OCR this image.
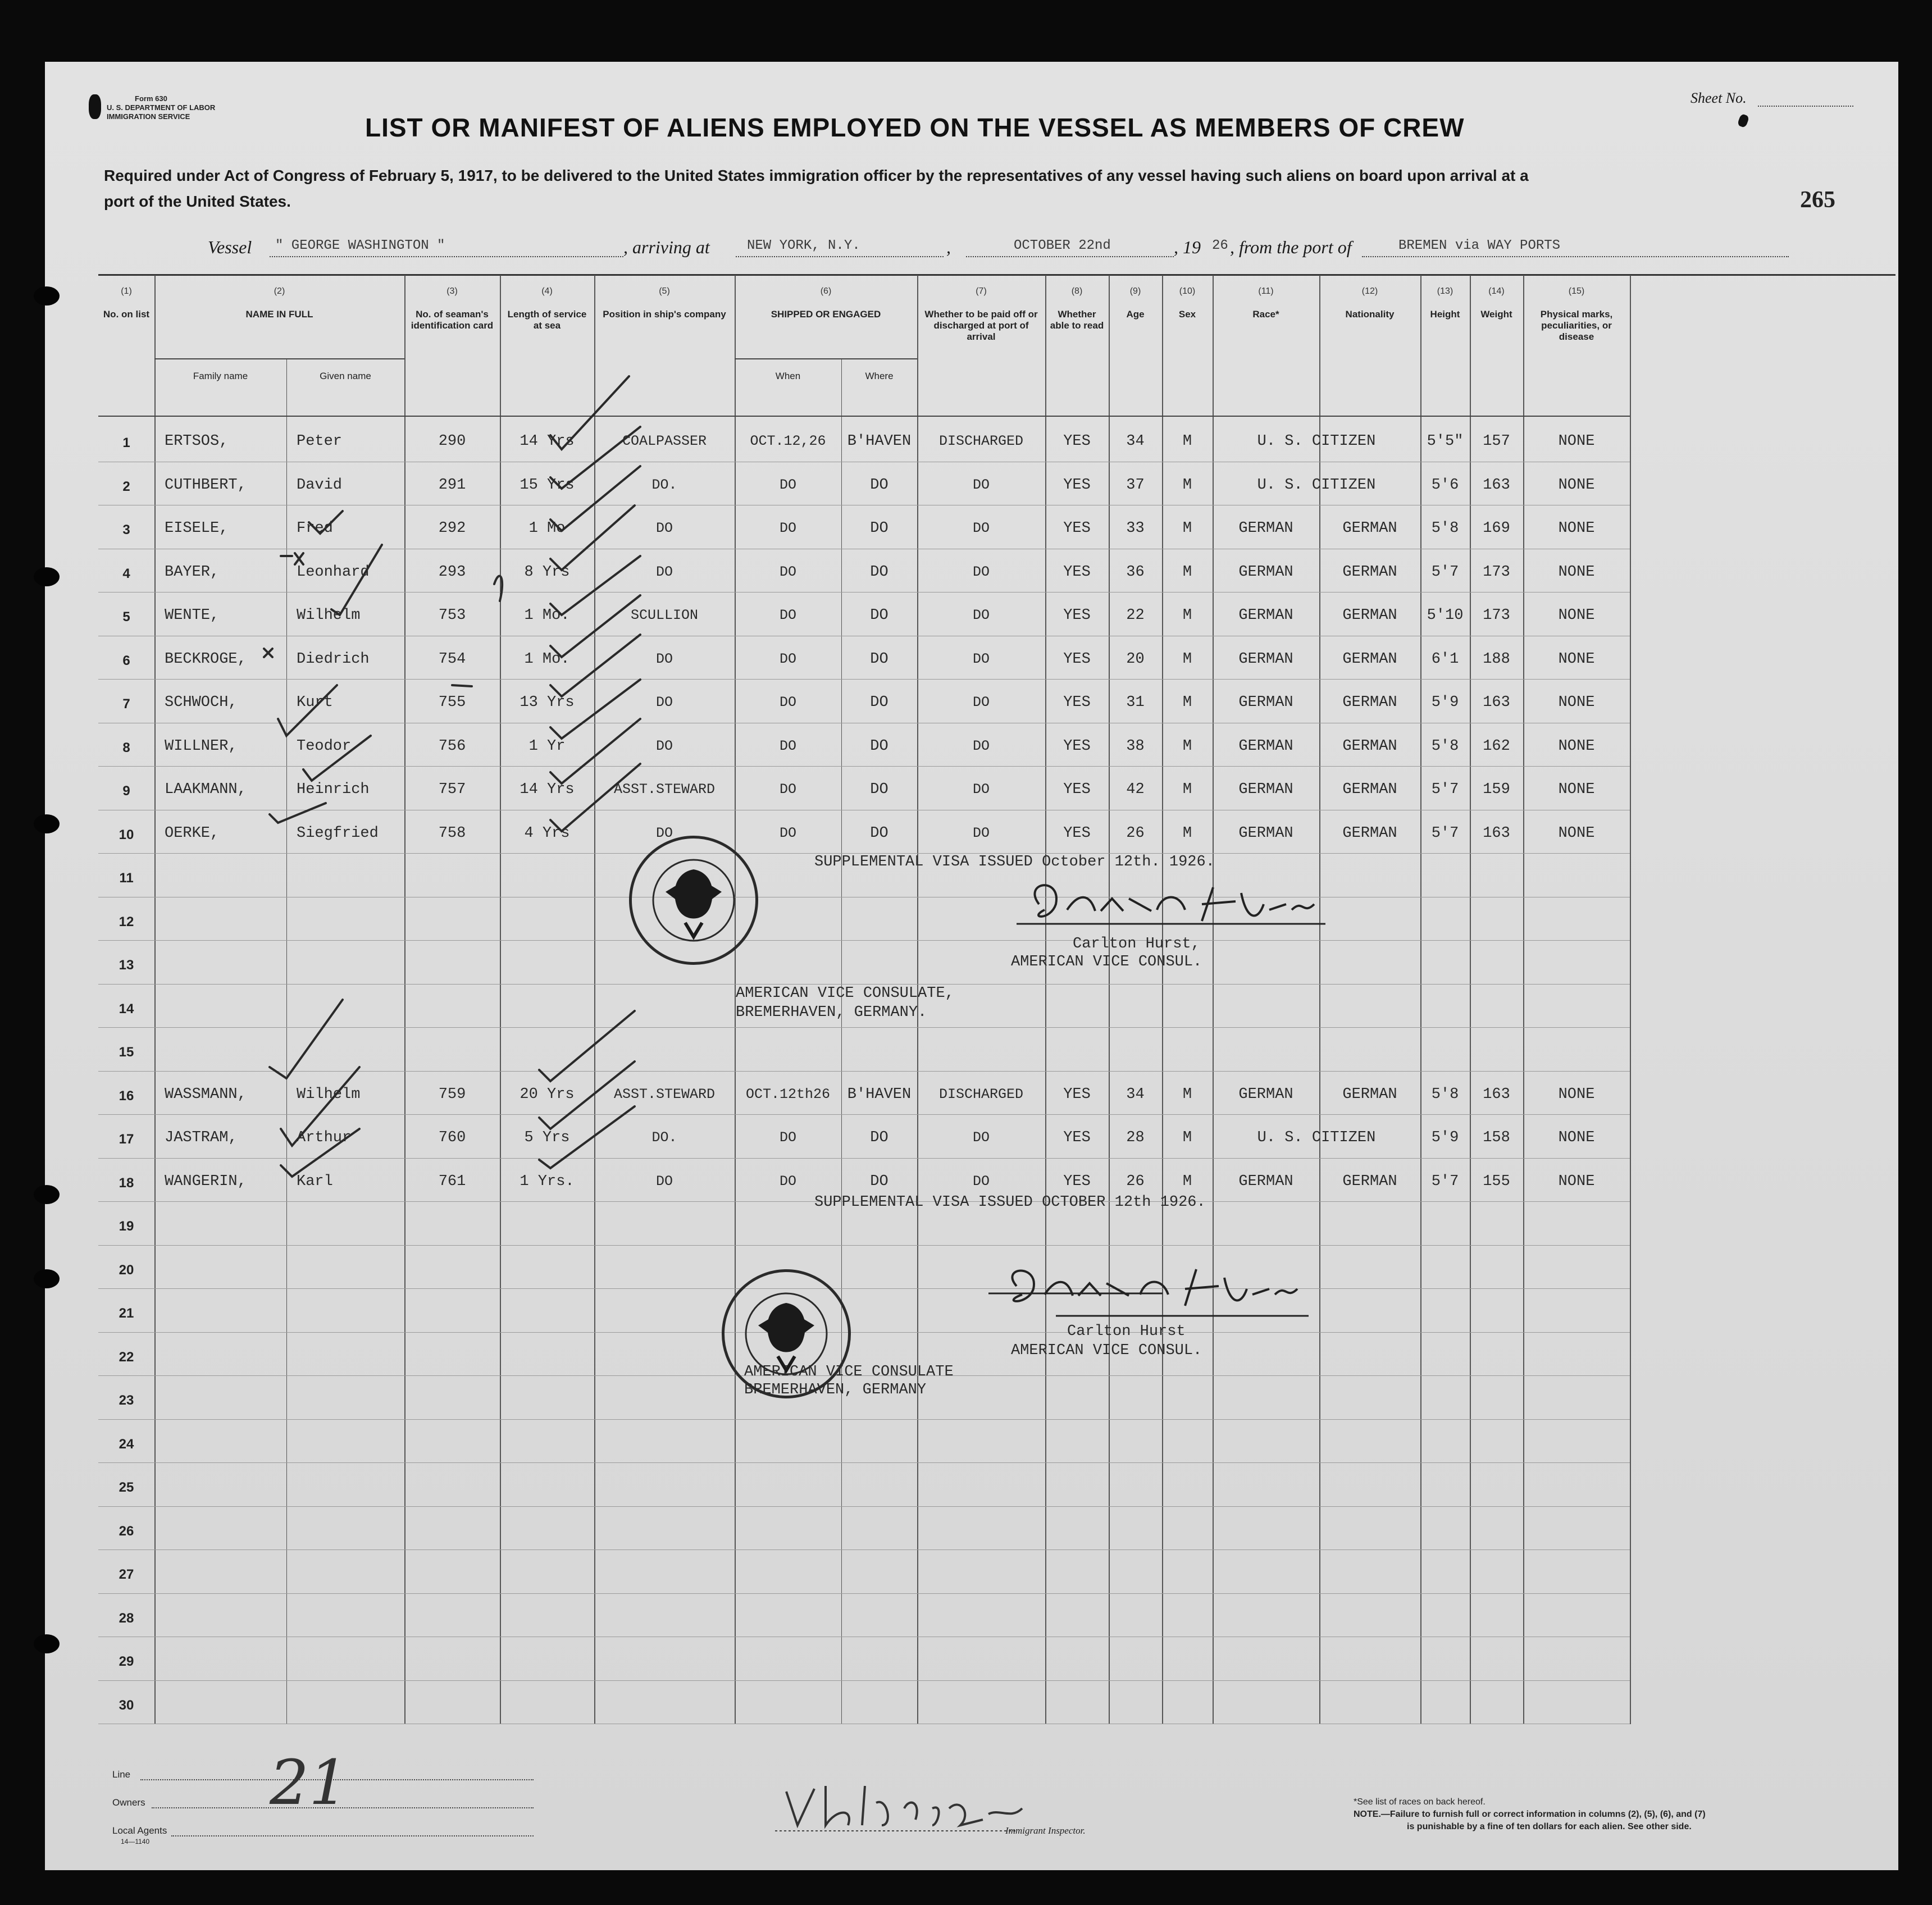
Form 630
U. S. DEPARTMENT OF LABOR
IMMIGRATION SERVICE
Sheet No.
LIST OR MANIFEST OF ALIENS EMPLOYED ON THE VESSEL AS MEMBERS OF CREW
Required under Act of Congress of February 5, 1917, to be delivered to the United States immigration officer by the representatives of any vessel having such aliens on board upon arrival at a
port of the United States.	265
Vessel " GEORGE WASHINGTON "	, arriving at	NEW YORK, N.Y.	,	OCTOBER 22nd	, 19 26 , from the port of	BREMEN via WAY PORTS
(1)
No. on list
(2)
NAME IN FULL
Family name	Given name
(3)
No. of seaman's identification card
(4)
Length of service at sea
(5)
Position in ship's company
(6)
SHIPPED OR ENGAGED
When	Where
(7)
Whether to be paid off or discharged at port of arrival
(8)
Whether able to read
(9)
Age
(10)
Sex
(11)
Race*
(12)
Nationality
(13)
Height
(14)
Weight
(15)
Physical marks, peculiarities, or disease
1	ERTSOS,	Peter	290	14 Yrs	COALPASSER	OCT.12,26	B'HAVEN	DISCHARGED	YES	34	M	U. S. CITIZEN	5'5"	157	NONE
2	CUTHBERT,	David	291	15 Yrs	DO.	DO	DO	DO	YES	37	M	U. S. CITIZEN	5'6	163	NONE
3	EISELE,	Fred	292	1 Mo	DO	DO	DO	DO	YES	33	M	GERMAN	GERMAN	5'8	169	NONE
4	BAYER,	Leonhard	293	8 Yrs	DO	DO	DO	DO	YES	36	M	GERMAN	GERMAN	5'7	173	NONE
5	WENTE,	Wilhelm	753	1 Mo.	SCULLION	DO	DO	DO	YES	22	M	GERMAN	GERMAN	5'10	173	NONE
6	BECKROGE,	Diedrich	754	1 Mo.	DO	DO	DO	DO	YES	20	M	GERMAN	GERMAN	6'1	188	NONE
7	SCHWOCH,	Kurt	755	13 Yrs	DO	DO	DO	DO	YES	31	M	GERMAN	GERMAN	5'9	163	NONE
8	WILLNER,	Teodor	756	1 Yr	DO	DO	DO	DO	YES	38	M	GERMAN	GERMAN	5'8	162	NONE
9	LAAKMANN,	Heinrich	757	14 Yrs	ASST.STEWARD	DO	DO	DO	YES	42	M	GERMAN	GERMAN	5'7	159	NONE
10	OERKE,	Siegfried	758	4 Yrs	DO	DO	DO	DO	YES	26	M	GERMAN	GERMAN	5'7	163	NONE
11
12
13
14
15
16	WASSMANN,	Wilhelm	759	20 Yrs	ASST.STEWARD	OCT.12th26	B'HAVEN	DISCHARGED	YES	34	M	GERMAN	GERMAN	5'8	163	NONE
17	JASTRAM,	Arthur	760	5 Yrs	DO.	DO	DO	DO	YES	28	M	U. S. CITIZEN	5'9	158	NONE
18	WANGERIN,	Karl	761	1 Yrs.	DO	DO	DO	DO	YES	26	M	GERMAN	GERMAN	5'7	155	NONE
19
20
21
22
23
24
25
26
27
28
29
30
SUPPLEMENTAL VISA ISSUED October 12th. 1926.
Carlton Hurst,
AMERICAN VICE CONSUL.
AMERICAN VICE CONSULATE,
BREMERHAVEN, GERMANY.
SUPPLEMENTAL VISA ISSUED OCTOBER 12th 1926.
Carlton Hurst
AMERICAN VICE CONSUL.
AMERICAN VICE CONSULATE
BREMERHAVEN, GERMANY
Line
Owners
Local Agents
14—1140
21
Immigrant Inspector.
*See list of races on back hereof.
NOTE.—Failure to furnish full or correct information in columns (2), (5), (6), and (7)
is punishable by a fine of ten dollars for each alien. See other side.
